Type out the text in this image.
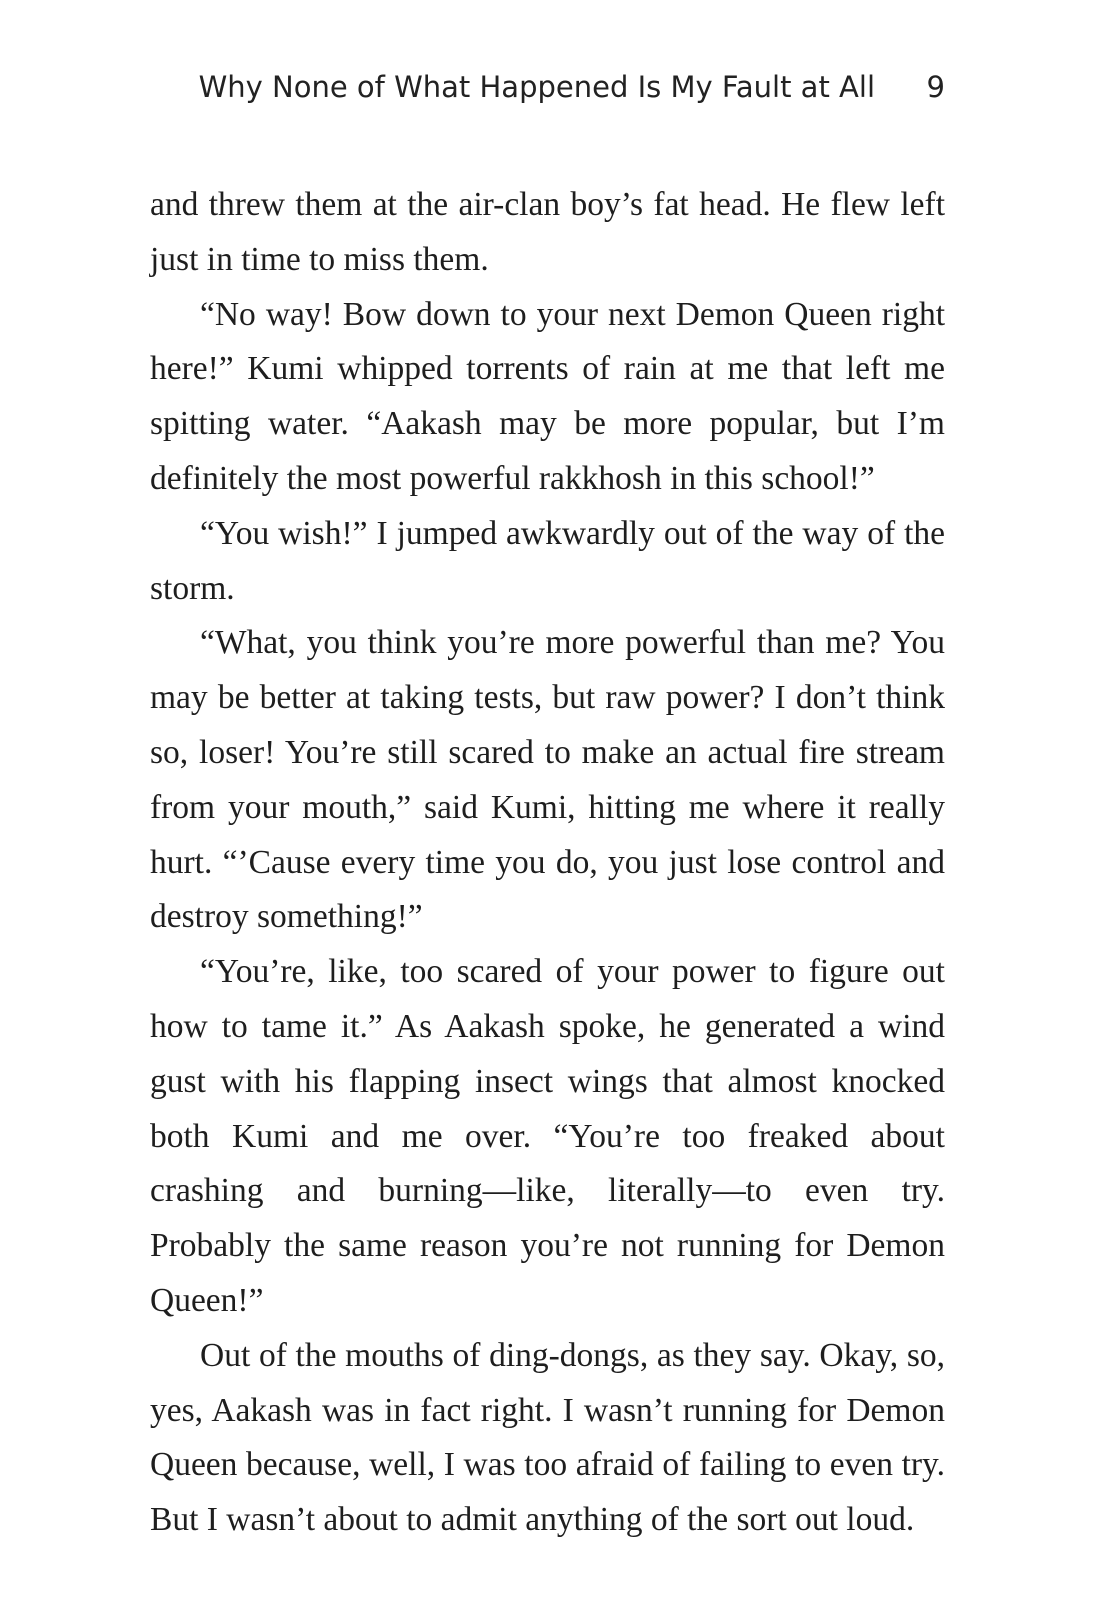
Why None of What Happened Is My Fault at All 9

and threw them at the air-clan boy’s fat head. He flew left just in time to miss them.

“No way! Bow down to your next Demon Queen right here!” Kumi whipped torrents of rain at me that left me spitting water. “Aakash may be more popular, but I’m definitely the most powerful rakkhosh in this school!”

“You wish!” I jumped awkwardly out of the way of the storm.

“What, you think you’re more powerful than me? You may be better at taking tests, but raw power? I don’t think so, loser! You’re still scared to make an actual fire stream from your mouth,” said Kumi, hitting me where it really hurt. “’Cause every time you do, you just lose control and destroy something!”

“You’re, like, too scared of your power to figure out how to tame it.” As Aakash spoke, he generated a wind gust with his flapping insect wings that almost knocked both Kumi and me over. “You’re too freaked about crashing and burning—like, literally—to even try. Probably the same reason you’re not running for Demon Queen!”

Out of the mouths of ding-dongs, as they say. Okay, so, yes, Aakash was in fact right. I wasn’t running for Demon Queen because, well, I was too afraid of failing to even try. But I wasn’t about to admit anything of the sort out loud.
